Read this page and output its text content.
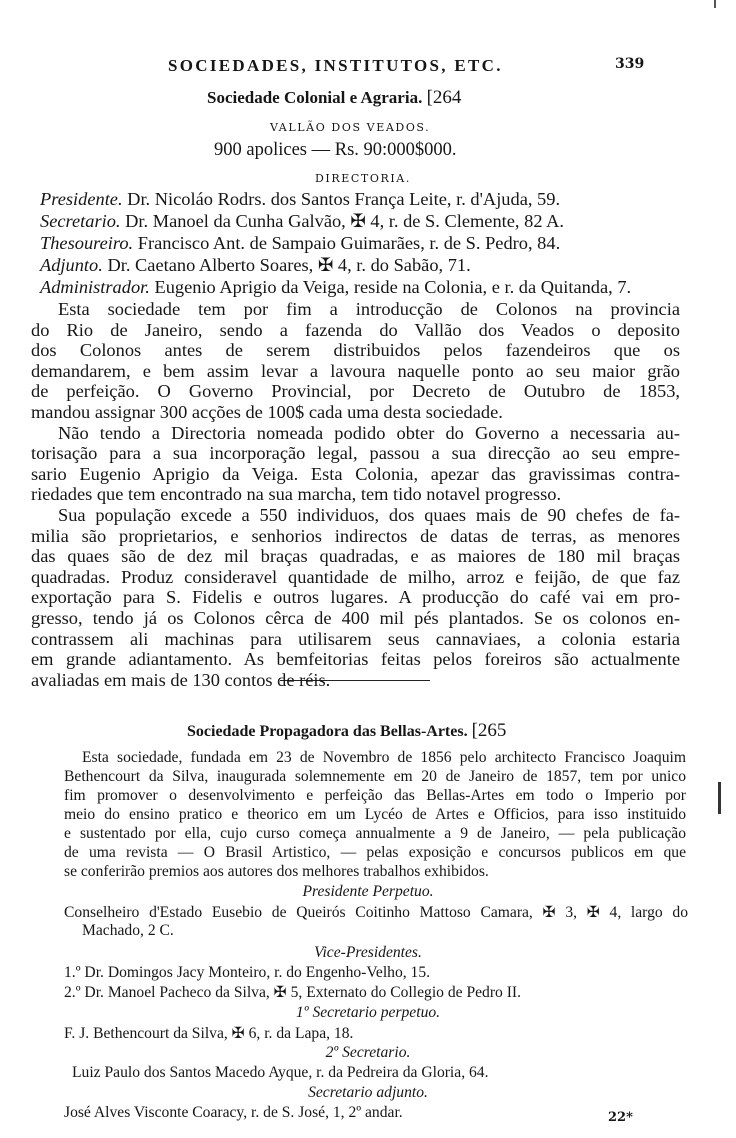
SOCIEDADES, INSTITUTOS, ETC.	339
Sociedade Colonial e Agraria. [264
VALLÃO DOS VEADOS.
900 apolices — Rs. 90:000$000.
DIRECTORIA.
Presidente. Dr. Nicoláo Rodrs. dos Santos França Leite, r. d'Ajuda, 59.
Secretario. Dr. Manoel da Cunha Galvão, ✠ 4, r. de S. Clemente, 82 A.
Thesoureiro. Francisco Ant. de Sampaio Guimarães, r. de S. Pedro, 84.
Adjunto. Dr. Caetano Alberto Soares, ✠ 4, r. do Sabão, 71.
Administrador. Eugenio Aprigio da Veiga, reside na Colonia, e r. da Quitanda, 7.
Sociedade Propagadora das Bellas-Artes. [265
Esta sociedade, fundada em 23 de Novembro de 1856 pelo architecto Francisco Joaquim
Bethencourt da Silva, inaugurada solemnemente em 20 de Janeiro de 1857, tem por unico
fim promover o desenvolvimento e perfeição das Bellas-Artes em todo o Imperio por
meio do ensino pratico e theorico em um Lycéo de Artes e Officios, para isso instituido
e sustentado por ella, cujo curso começa annualmente a 9 de Janeiro, — pela publicação
de uma revista — O Brasil Artistico, — pelas exposição e concursos publicos em que
se conferirão premios aos autores dos melhores trabalhos exhibidos.
Presidente Perpetuo.
Conselheiro d'Estado Eusebio de Queirós Coitinho Mattoso Camara, ✠ 3, ✠ 4, largo do
Machado, 2 C.
Vice-Presidentes.
1.º Dr. Domingos Jacy Monteiro, r. do Engenho-Velho, 15.
2.º Dr. Manoel Pacheco da Silva, ✠ 5, Externato do Collegio de Pedro II.
1º Secretario perpetuo.
F. J. Bethencourt da Silva, ✠ 6, r. da Lapa, 18.
2º Secretario.
Luiz Paulo dos Santos Macedo Ayque, r. da Pedreira da Gloria, 64.
Secretario adjunto.
José Alves Visconte Coaracy, r. de S. José, 1, 2º andar.	22*
Esta sociedade tem por fim a introducção de Colonos na provincia
do Rio de Janeiro, sendo a fazenda do Vallão dos Veados o deposito
dos Colonos antes de serem distribuidos pelos fazendeiros que os
demandarem, e bem assim levar a lavoura naquelle ponto ao seu maior grão
de perfeição. O Governo Provincial, por Decreto de Outubro de 1853,
mandou assignar 300 acções de 100$ cada uma desta sociedade.
Não tendo a Directoria nomeada podido obter do Governo a necessaria au-
torisação para a sua incorporação legal, passou a sua direcção ao seu empre-
sario Eugenio Aprigio da Veiga. Esta Colonia, apezar das gravissimas contra-
riedades que tem encontrado na sua marcha, tem tido notavel progresso.
Sua população excede a 550 individuos, dos quaes mais de 90 chefes de fa-
milia são proprietarios, e senhorios indirectos de datas de terras, as menores
das quaes são de dez mil braças quadradas, e as maiores de 180 mil braças
quadradas. Produz consideravel quantidade de milho, arroz e feijão, de que faz
exportação para S. Fidelis e outros lugares. A producção do café vai em pro-
gresso, tendo já os Colonos cêrca de 400 mil pés plantados. Se os colonos en-
contrassem ali machinas para utilisarem seus cannaviaes, a colonia estaria
em grande adiantamento. As bemfeitorias feitas pelos foreiros são actualmente
avaliadas em mais de 130 contos de réis.
